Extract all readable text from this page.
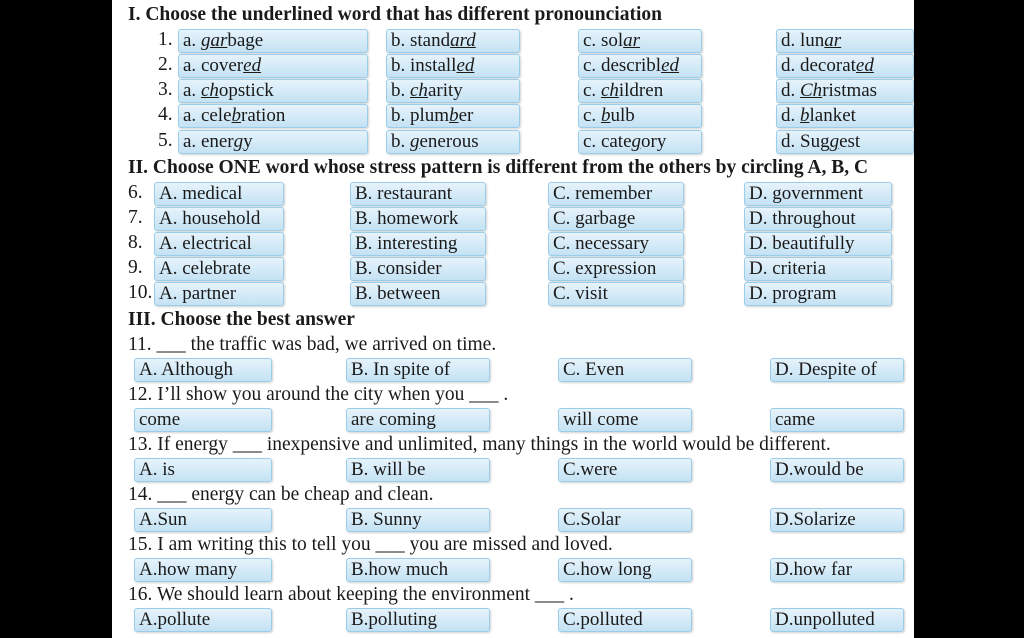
I. Choose the underlined word that has different pronounciation
1. a. garbage	b. standard	c. solar	d. lunar
2. a. covered	b. installed	c. describled	d. decorated
3. a. chopstick	b. charity	c. children	d. Christmas
4. a. celebration	b. plumber	c. bulb	d. blanket
5. a. energy	b. generous	c. category	d. Suggest
II. Choose ONE word whose stress pattern is different from the others by circling A, B, C
6. A. medical	B. restaurant	C. remember	D. government
7. A. household	B. homework	C. garbage	D. throughout
8. A. electrical	B. interesting	C. necessary	D. beautifully
9. A. celebrate	B. consider	C. expression	D. criteria
10. A. partner	B. between	C. visit	D. program
III. Choose the best answer
11. ___ the traffic was bad, we arrived on time.
A. Although	B. In spite of	C. Even	D. Despite of
12. I’ll show you around the city when you ___ .
come	are coming	will come	came
13. If energy ___ inexpensive and unlimited, many things in the world would be different.
A. is	B. will be	C.were	D.would be
14. ___ energy can be cheap and clean.
A.Sun	B. Sunny	C.Solar	D.Solarize
15. I am writing this to tell you ___ you are missed and loved.
A.how many	B.how much	C.how long	D.how far
16. We should learn about keeping the environment ___ .
A.pollute	B.polluting	C.polluted	D.unpolluted
